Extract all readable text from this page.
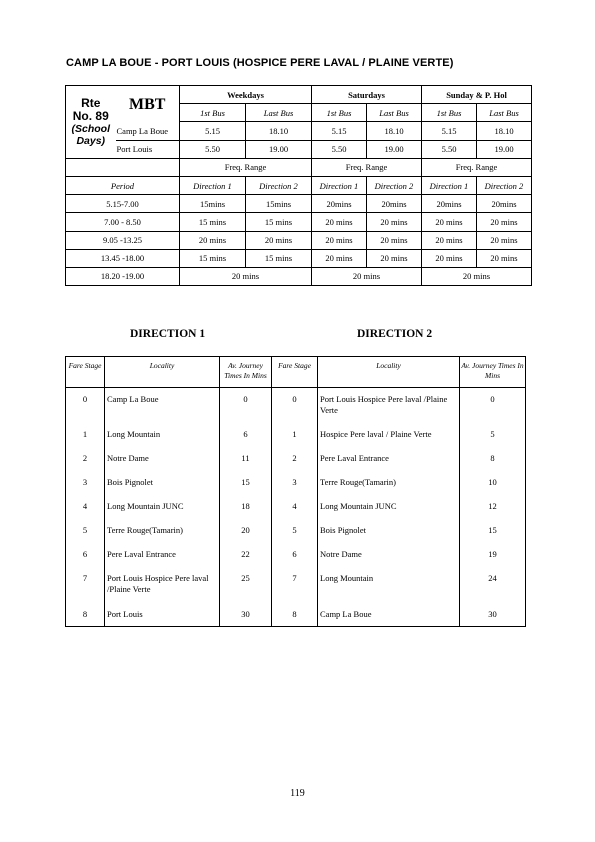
CAMP LA BOUE - PORT LOUIS (HOSPICE PERE LAVAL / PLAINE VERTE)
Rte
No. 89
(School
Days)	MBT	Weekdays		Saturdays		Sunday & P. Hol	
		1st Bus	Last Bus	1st Bus	Last Bus	1st Bus	Last Bus
	Camp La Boue	5.15	18.10	5.15	18.10	5.15	18.10
	Port Louis	5.50	19.00	5.50	19.00	5.50	19.00
		Freq. Range		Freq. Range		Freq. Range	
Period		Direction 1	Direction 2	Direction 1	Direction 2	Direction 1	Direction 2
5.15-7.00		15mins	15mins	20mins	20mins	20mins	20mins
7.00 - 8.50		15 mins	15 mins	20 mins	20 mins	20 mins	20 mins
9.05 -13.25		20 mins	20 mins	20 mins	20 mins	20 mins	20 mins
13.45 -18.00		15 mins	15 mins	20 mins	20 mins	20 mins	20 mins
18.20 -19.00		20 mins		20 mins		20 mins	
DIRECTION 1	DIRECTION 2
Fare Stage	Locality	Av. Journey Times In Mins	Fare Stage	Locality	Av. Journey Times In Mins
0	Camp La Boue	0	0	Port Louis Hospice Pere laval /Plaine Verte	0
1	Long Mountain	6	1	Hospice Pere laval / Plaine Verte	5
2	Notre Dame	11	2	Pere Laval Entrance	8
3	Bois Pignolet	15	3	Terre Rouge(Tamarin)	10
4	Long Mountain JUNC	18	4	Long Mountain JUNC	12
5	Terre Rouge(Tamarin)	20	5	Bois Pignolet	15
6	Pere Laval Entrance	22	6	Notre Dame	19
7	Port Louis Hospice Pere laval /Plaine Verte	25	7	Long Mountain	24
8	Port Louis	30	8	Camp La Boue	30
119
